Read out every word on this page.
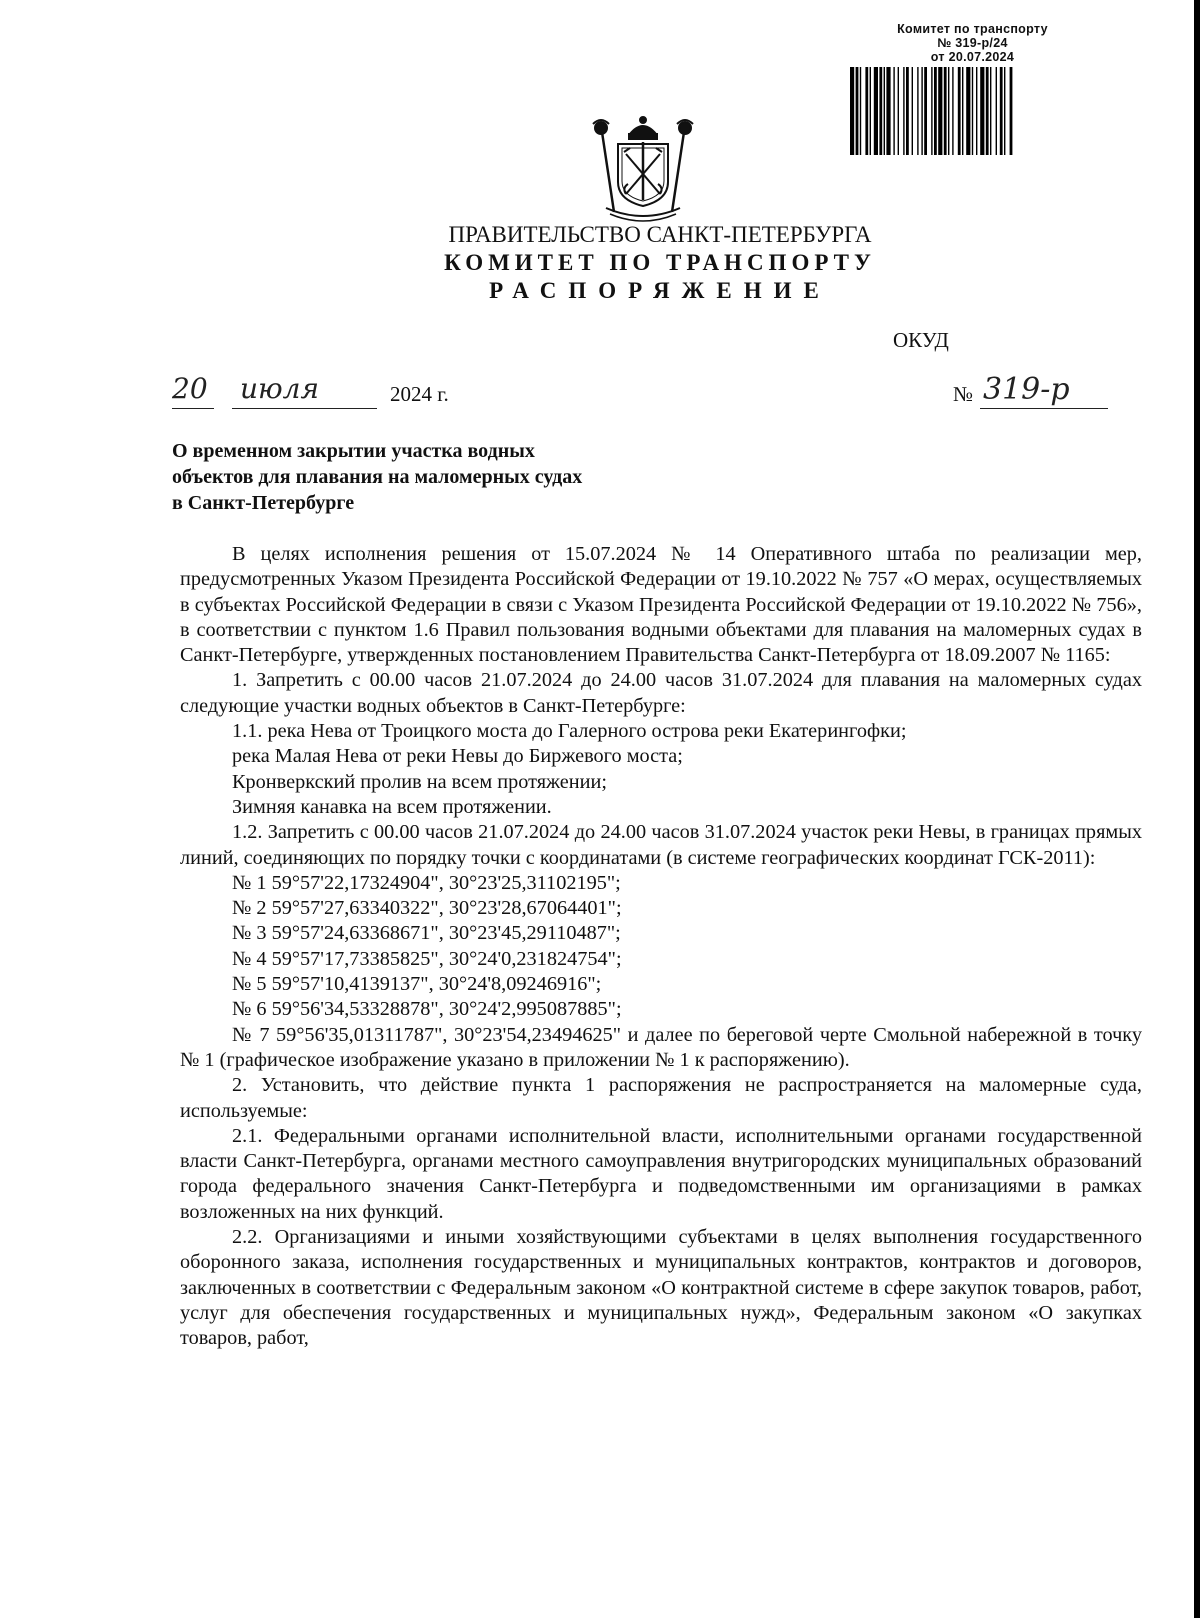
Комитет по транспорту
№ 319-р/24
от 20.07.2024
ПРАВИТЕЛЬСТВО САНКТ-ПЕТЕРБУРГА
КОМИТЕТ ПО ТРАНСПОРТУ
РАСПОРЯЖЕНИЕ
ОКУД
20	июля	2024 г.	№ 319-р
О временном закрытии участка водных
объектов для плавания на маломерных судах
в Санкт-Петербурге

В целях исполнения решения от 15.07.2024 № 14 Оперативного штаба по реализации мер, предусмотренных Указом Президента Российской Федерации от 19.10.2022 № 757 «О мерах, осуществляемых в субъектах Российской Федерации в связи с Указом Президента Российской Федерации от 19.10.2022 № 756», в соответствии с пунктом 1.6 Правил пользования водными объектами для плавания на маломерных судах в Санкт-Петербурге, утвержденных постановлением Правительства Санкт-Петербурга от 18.09.2007 № 1165:

1. Запретить с 00.00 часов 21.07.2024 до 24.00 часов 31.07.2024 для плавания на маломерных судах следующие участки водных объектов в Санкт-Петербурге:

1.1. река Нева от Троицкого моста до Галерного острова реки Екатерингофки;

река Малая Нева от реки Невы до Биржевого моста;

Кронверкский пролив на всем протяжении;

Зимняя канавка на всем протяжении.

1.2. Запретить с 00.00 часов 21.07.2024 до 24.00 часов 31.07.2024 участок реки Невы, в границах прямых линий, соединяющих по порядку точки с координатами (в системе географических координат ГСК-2011):

№ 1 59°57'22,17324904", 30°23'25,31102195";

№ 2 59°57'27,63340322", 30°23'28,67064401";

№ 3 59°57'24,63368671", 30°23'45,29110487";

№ 4 59°57'17,73385825", 30°24'0,231824754";

№ 5 59°57'10,4139137", 30°24'8,09246916";

№ 6 59°56'34,53328878", 30°24'2,995087885";

№ 7 59°56'35,01311787", 30°23'54,23494625" и далее по береговой черте Смольной набережной в точку № 1 (графическое изображение указано в приложении № 1 к распоряжению).

2. Установить, что действие пункта 1 распоряжения не распространяется на маломерные суда, используемые:

2.1. Федеральными органами исполнительной власти, исполнительными органами государственной власти Санкт-Петербурга, органами местного самоуправления внутригородских муниципальных образований города федерального значения Санкт-Петербурга и подведомственными им организациями в рамках возложенных на них функций.

2.2. Организациями и иными хозяйствующими субъектами в целях выполнения государственного оборонного заказа, исполнения государственных и муниципальных контрактов, контрактов и договоров, заключенных в соответствии с Федеральным законом «О контрактной системе в сфере закупок товаров, работ, услуг для обеспечения государственных и муниципальных нужд», Федеральным законом «О закупках товаров, работ,
